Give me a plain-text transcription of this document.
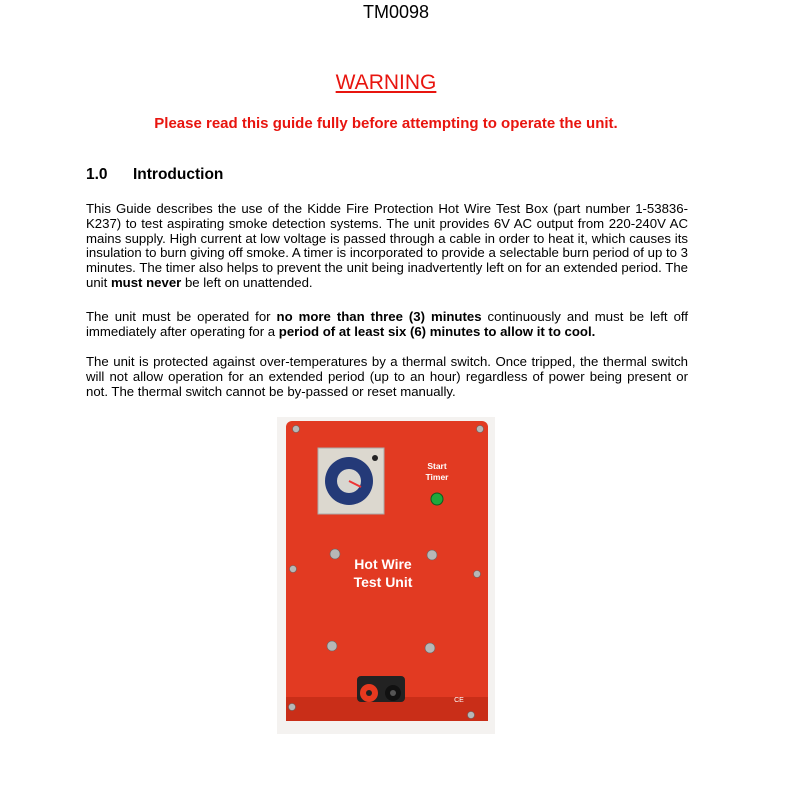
TM0098
WARNING
Please read this guide fully before attempting to operate the unit.
1.0 Introduction
This Guide describes the use of the Kidde Fire Protection Hot Wire Test Box (part number 1-53836-K237) to test aspirating smoke detection systems. The unit provides 6V AC output from 220-240V AC mains supply. High current at low voltage is passed through a cable in order to heat it, which causes its insulation to burn giving off smoke. A timer is incorporated to provide a selectable burn period of up to 3 minutes. The timer also helps to prevent the unit being inadvertently left on for an extended period. The unit must never be left on unattended.
The unit must be operated for no more than three (3) minutes continuously and must be left off immediately after operating for a period of at least six (6) minutes to allow it to cool.
The unit is protected against over-temperatures by a thermal switch. Once tripped, the thermal switch will not allow operation for an extended period (up to an hour) regardless of power being present or not. The thermal switch cannot be by-passed or reset manually.
Start
Timer
Hot Wire
Test Unit
CE
